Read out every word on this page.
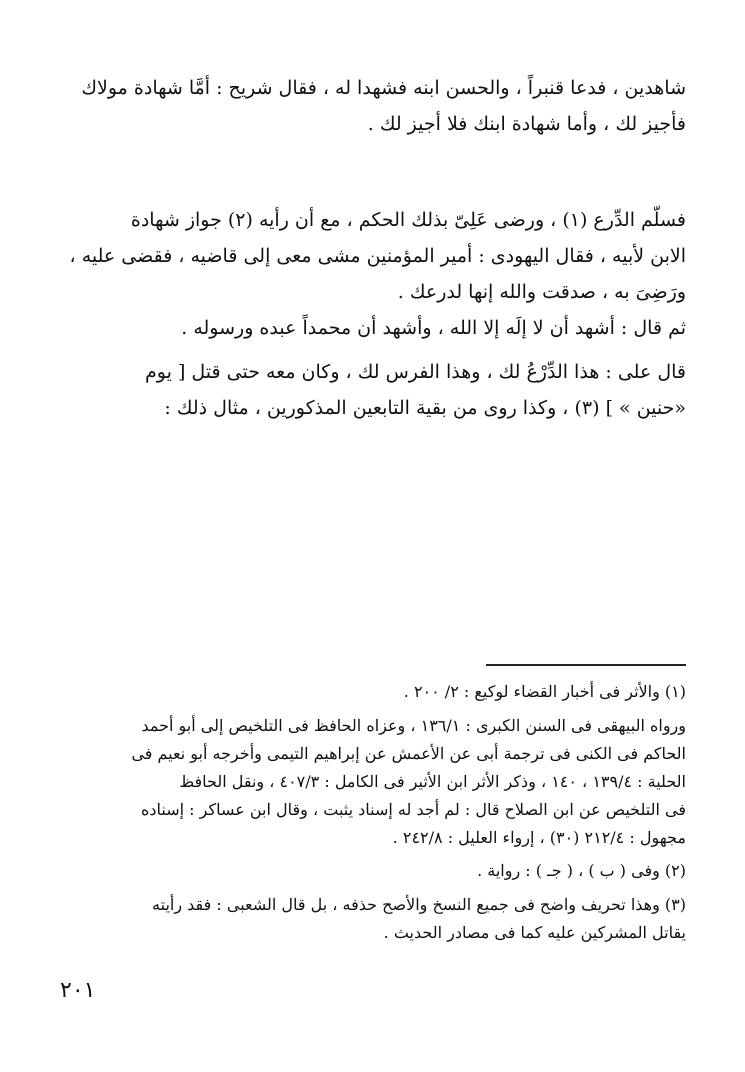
شاهدين ، فدعا قنبراً ، والحسن ابنه فشهدا له ، فقال شريح : أمَّا شهادة مولاك
فأجيز لك ، وأما شهادة ابنك فلا أجيز لك .

فسلّم الدِّرع (١) ، ورضى عَلِىّ بذلك الحكم ، مع أن رأيه (٢) جواز شهادة
الابن لأبيه ، فقال اليهودى : أمير المؤمنين مشى معى إلى قاضيه ، فقضى عليه ،
ورَضِىَ به ، صدقت والله إنها لدرعك .

ثم قال : أشهد أن لا إلَه إلا الله ، وأشهد أن محمداً عبده ورسوله .

قال على : هذا الدِّرْعُ لك ، وهذا الفرس لك ، وكان معه حتى قتل [ يوم
«حنين » ] (٣) ، وكذا روى من بقية التابعين المذكورين ، مثال ذلك :

(١) والأثر فى أخبار القضاء لوكيع : ٢/ ٢٠٠ .

ورواه البيهقى فى السنن الكبرى : ١٣٦/١ ، وعزاه الحافظ فى التلخيص إلى أبو أحمد
الحاكم فى الكنى فى ترجمة أبى عن الأعمش عن إبراهيم التيمى وأخرجه أبو نعيم فى
الحلية : ١٣٩/٤ ، ١٤٠ ، وذكر الأثر ابن الأثير فى الكامل : ٤٠٧/٣ ، ونقل الحافظ
فى التلخيص عن ابن الصلاح قال : لم أجد له إسناد يثبت ، وقال ابن عساكر : إسناده
مجهول : ٢١٢/٤ (٣٠) ، إرواء العليل : ٢٤٢/٨ .

(٢) وفى ( ب ) ، ( جـ ) : رواية .

(٣) وهذا تحريف واضح فى جميع النسخ والأصح حذفه ، بل قال الشعبى : فقد رأيته
يقاتل المشركين عليه كما فى مصادر الحديث .

٢٠١
